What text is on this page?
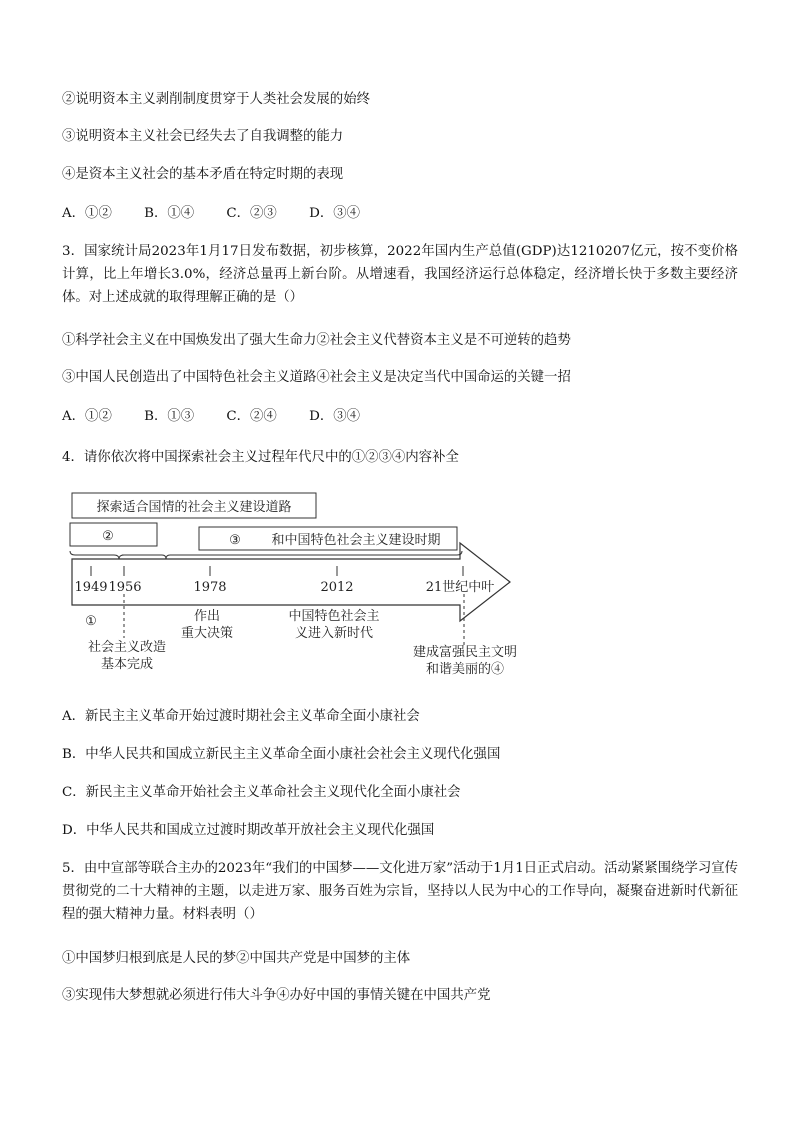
②说明资本主义剥削制度贯穿于人类社会发展的始终
③说明资本主义社会已经失去了自我调整的能力
④是资本主义社会的基本矛盾在特定时期的表现
A．①② B．①④ C．②③ D．③④
3．国家统计局2023年1月17日发布数据，初步核算，2022年国内生产总值(GDP)达1210207亿元，按不变价格计算，比上年增长3.0%，经济总量再上新台阶。从增速看，我国经济运行总体稳定，经济增长快于多数主要经济体。对上述成就的取得理解正确的是（）
①科学社会主义在中国焕发出了强大生命力②社会主义代替资本主义是不可逆转的趋势
③中国人民创造出了中国特色社会主义道路④社会主义是决定当代中国命运的关键一招
A．①② B．①③ C．②④ D．③④
4．请你依次将中国探索社会主义过程年代尺中的①②③④内容补全
探索适合国情的社会主义建设道路
②	③ 和中国特色社会主义建设时期
1949 1956	1978	2012	21世纪中叶
①
社会主义改造
基本完成
作出
重大决策
中国特色社会主
义进入新时代
建成富强民主文明
和谐美丽的④
A．新民主主义革命开始过渡时期社会主义革命全面小康社会
B．中华人民共和国成立新民主主义革命全面小康社会社会主义现代化强国
C．新民主主义革命开始社会主义革命社会主义现代化全面小康社会
D．中华人民共和国成立过渡时期改革开放社会主义现代化强国
5．由中宣部等联合主办的2023年“我们的中国梦——文化进万家”活动于1月1日正式启动。活动紧紧围绕学习宣传贯彻党的二十大精神的主题，以走进万家、服务百姓为宗旨，坚持以人民为中心的工作导向，凝聚奋进新时代新征程的强大精神力量。材料表明（）
①中国梦归根到底是人民的梦②中国共产党是中国梦的主体
③实现伟大梦想就必须进行伟大斗争④办好中国的事情关键在中国共产党
